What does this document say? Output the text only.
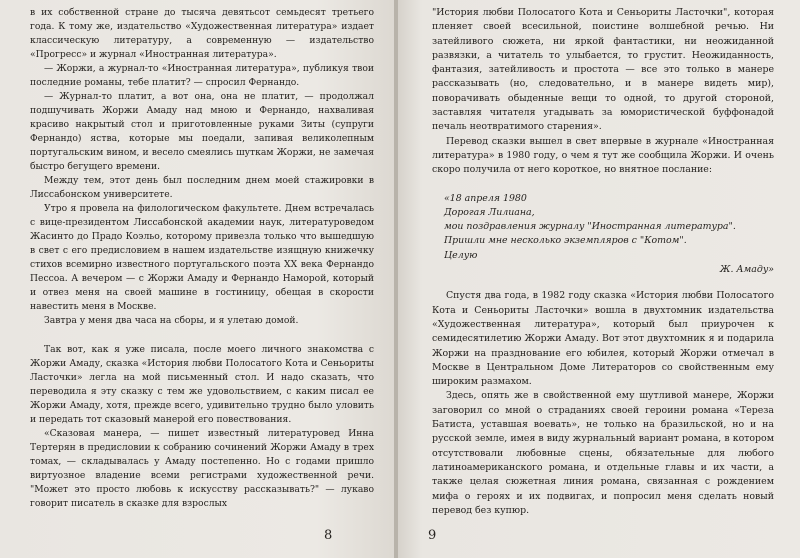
в их собственной стране до тысяча девятьсот семьдесят третьего года. К тому же, издательство «Художественная литература» издает классическую литературу, а современную — издательство «Прогресс» и журнал «Иностранная литература».

— Жоржи, а журнал-то «Иностранная литература», публикуя твои последние романы, тебе платит? — спросил Фернандо.

— Журнал-то платит, а вот она, она не платит, — продолжал подшучивать Жоржи Амаду над мною и Фернандо, нахваливая красиво накрытый стол и приготовленные руками Зиты (супруги Фернандо) яства, которые мы поедали, запивая великолепным португальским вином, и весело смеялись шуткам Жоржи, не замечая быстро бегущего времени.

Между тем, этот день был последним днем моей стажировки в Лиссабонском университете.

Утро я провела на филологическом факультете. Днем встречалась с вице-президентом Лиссабонской академии наук, литературоведом Жасинто до Прадо Коэльо, которому привезла только что вышедшую в свет с его предисловием в нашем издательстве изящную книжечку стихов всемирно известного португальского поэта XX века Фернандо Пессоа. А вечером — с Жоржи Амаду и Фернандо Наморой, который и отвез меня на своей машине в гостиницу, обещая в скорости навестить меня в Москве.

Завтра у меня два часа на сборы, и я улетаю домой.

Так вот, как я уже писала, после моего личного знакомства с Жоржи Амаду, сказка «История любви Полосатого Кота и Сеньориты Ласточки» легла на мой письменный стол. И надо сказать, что переводила я эту сказку с тем же удовольствием, с каким писал ее Жоржи Амаду, хотя, прежде всего, удивительно трудно было уловить и передать тот сказовый манерой его повествования.

«Сказовая манера, — пишет известный литературовед Инна Тертерян в предисловии к собранию сочинений Жоржи Амаду в трех томах, — складывалась у Амаду постепенно. Но с годами пришло виртуозное владение всеми регистрами художественной речи. "Может это просто любовь к искусству рассказывать?" — лукаво говорит писатель в сказке для взрослых

8

"История любви Полосатого Кота и Сеньориты Ласточки", которая пленяет своей всесильной, поистине волшебной речью. Ни затейливого сюжета, ни яркой фантастики, ни неожиданной развязки, а читатель то улыбается, то грустит. Неожиданность, фантазия, затейливость и простота — все это только в манере рассказывать (но, следовательно, и в манере видеть мир), поворачивать обыденные вещи то одной, то другой стороной, заставляя читателя угадывать за юмористической буффонадой печаль неотвратимого старения».

Перевод сказки вышел в свет впервые в журнале «Иностранная литература» в 1980 году, о чем я тут же сообщила Жоржи. И очень скоро получила от него короткое, но внятное послание:

«18 апреля 1980
Дорогая Лилиана,
мои поздравления журналу "Иностранная литература". Пришли мне несколько экземпляров с "Котом".
Целую
Ж. Амаду»

Спустя два года, в 1982 году сказка «История любви Полосатого Кота и Сеньориты Ласточки» вошла в двухтомник издательства «Художественная литература», который был приурочен к семидесятилетию Жоржи Амаду. Вот этот двухтомник я и подарила Жоржи на празднование его юбилея, который Жоржи отмечал в Москве в Центральном Доме Литераторов со свойственным ему широким размахом.

Здесь, опять же в свойственной ему шутливой манере, Жоржи заговорил со мной о страданиях своей героини романа «Тереза Батиста, уставшая воевать», не только на бразильской, но и на русской земле, имея в виду журнальный вариант романа, в котором отсутствовали любовные сцены, обязательные для любого латиноамериканского романа, и отдельные главы и их части, а также целая сюжетная линия романа, связанная с рождением мифа о героях и их подвигах, и попросил меня сделать новый перевод без купюр.

9
